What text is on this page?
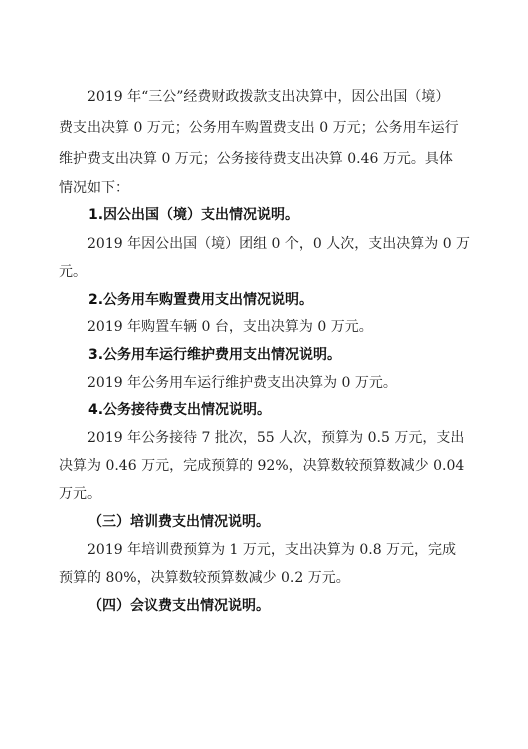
2019 年“三公”经费财政拨款支出决算中，因公出国（境）
费支出决算 0 万元；公务用车购置费支出 0 万元；公务用车运行
维护费支出决算 0 万元；公务接待费支出决算 0.46 万元。具体
情况如下：
1.因公出国（境）支出情况说明。
2019 年因公出国（境）团组 0 个，0 人次，支出决算为 0 万
元。
2.公务用车购置费用支出情况说明。
2019 年购置车辆 0 台，支出决算为 0 万元。
3.公务用车运行维护费用支出情况说明。
2019 年公务用车运行维护费支出决算为 0 万元。
4.公务接待费支出情况说明。
2019 年公务接待 7 批次，55 人次，预算为 0.5 万元，支出
决算为 0.46 万元，完成预算的 92%，决算数较预算数减少 0.04
万元。
（三）培训费支出情况说明。
2019 年培训费预算为 1 万元，支出决算为 0.8 万元，完成
预算的 80%，决算数较预算数减少 0.2 万元。
（四）会议费支出情况说明。
